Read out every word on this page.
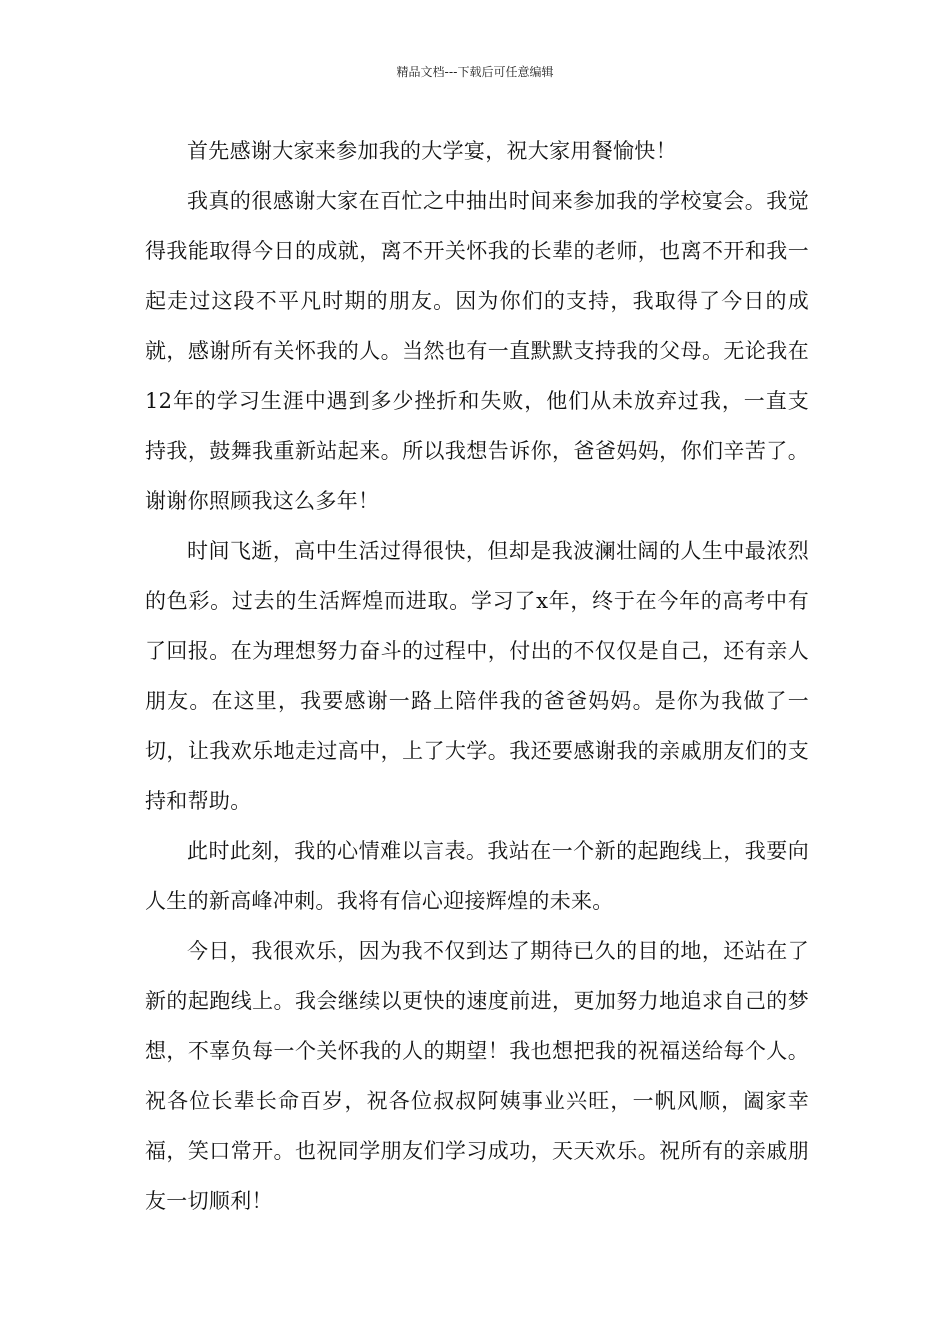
精品文档---下载后可任意编辑

首先感谢大家来参加我的大学宴，祝大家用餐愉快！

我真的很感谢大家在百忙之中抽出时间来参加我的学校宴会。我觉得我能取得今日的成就，离不开关怀我的长辈的老师，也离不开和我一起走过这段不平凡时期的朋友。因为你们的支持，我取得了今日的成就，感谢所有关怀我的人。当然也有一直默默支持我的父母。无论我在12年的学习生涯中遇到多少挫折和失败，他们从未放弃过我，一直支持我，鼓舞我重新站起来。所以我想告诉你，爸爸妈妈，你们辛苦了。谢谢你照顾我这么多年！

时间飞逝，高中生活过得很快，但却是我波澜壮阔的人生中最浓烈的色彩。过去的生活辉煌而进取。学习了x年，终于在今年的高考中有了回报。在为理想努力奋斗的过程中，付出的不仅仅是自己，还有亲人朋友。在这里，我要感谢一路上陪伴我的爸爸妈妈。是你为我做了一切，让我欢乐地走过高中，上了大学。我还要感谢我的亲戚朋友们的支持和帮助。

此时此刻，我的心情难以言表。我站在一个新的起跑线上，我要向人生的新高峰冲刺。我将有信心迎接辉煌的未来。

今日，我很欢乐，因为我不仅到达了期待已久的目的地，还站在了新的起跑线上。我会继续以更快的速度前进，更加努力地追求自己的梦想，不辜负每一个关怀我的人的期望！我也想把我的祝福送给每个人。祝各位长辈长命百岁，祝各位叔叔阿姨事业兴旺，一帆风顺，阖家幸福，笑口常开。也祝同学朋友们学习成功，天天欢乐。祝所有的亲戚朋友一切顺利！
